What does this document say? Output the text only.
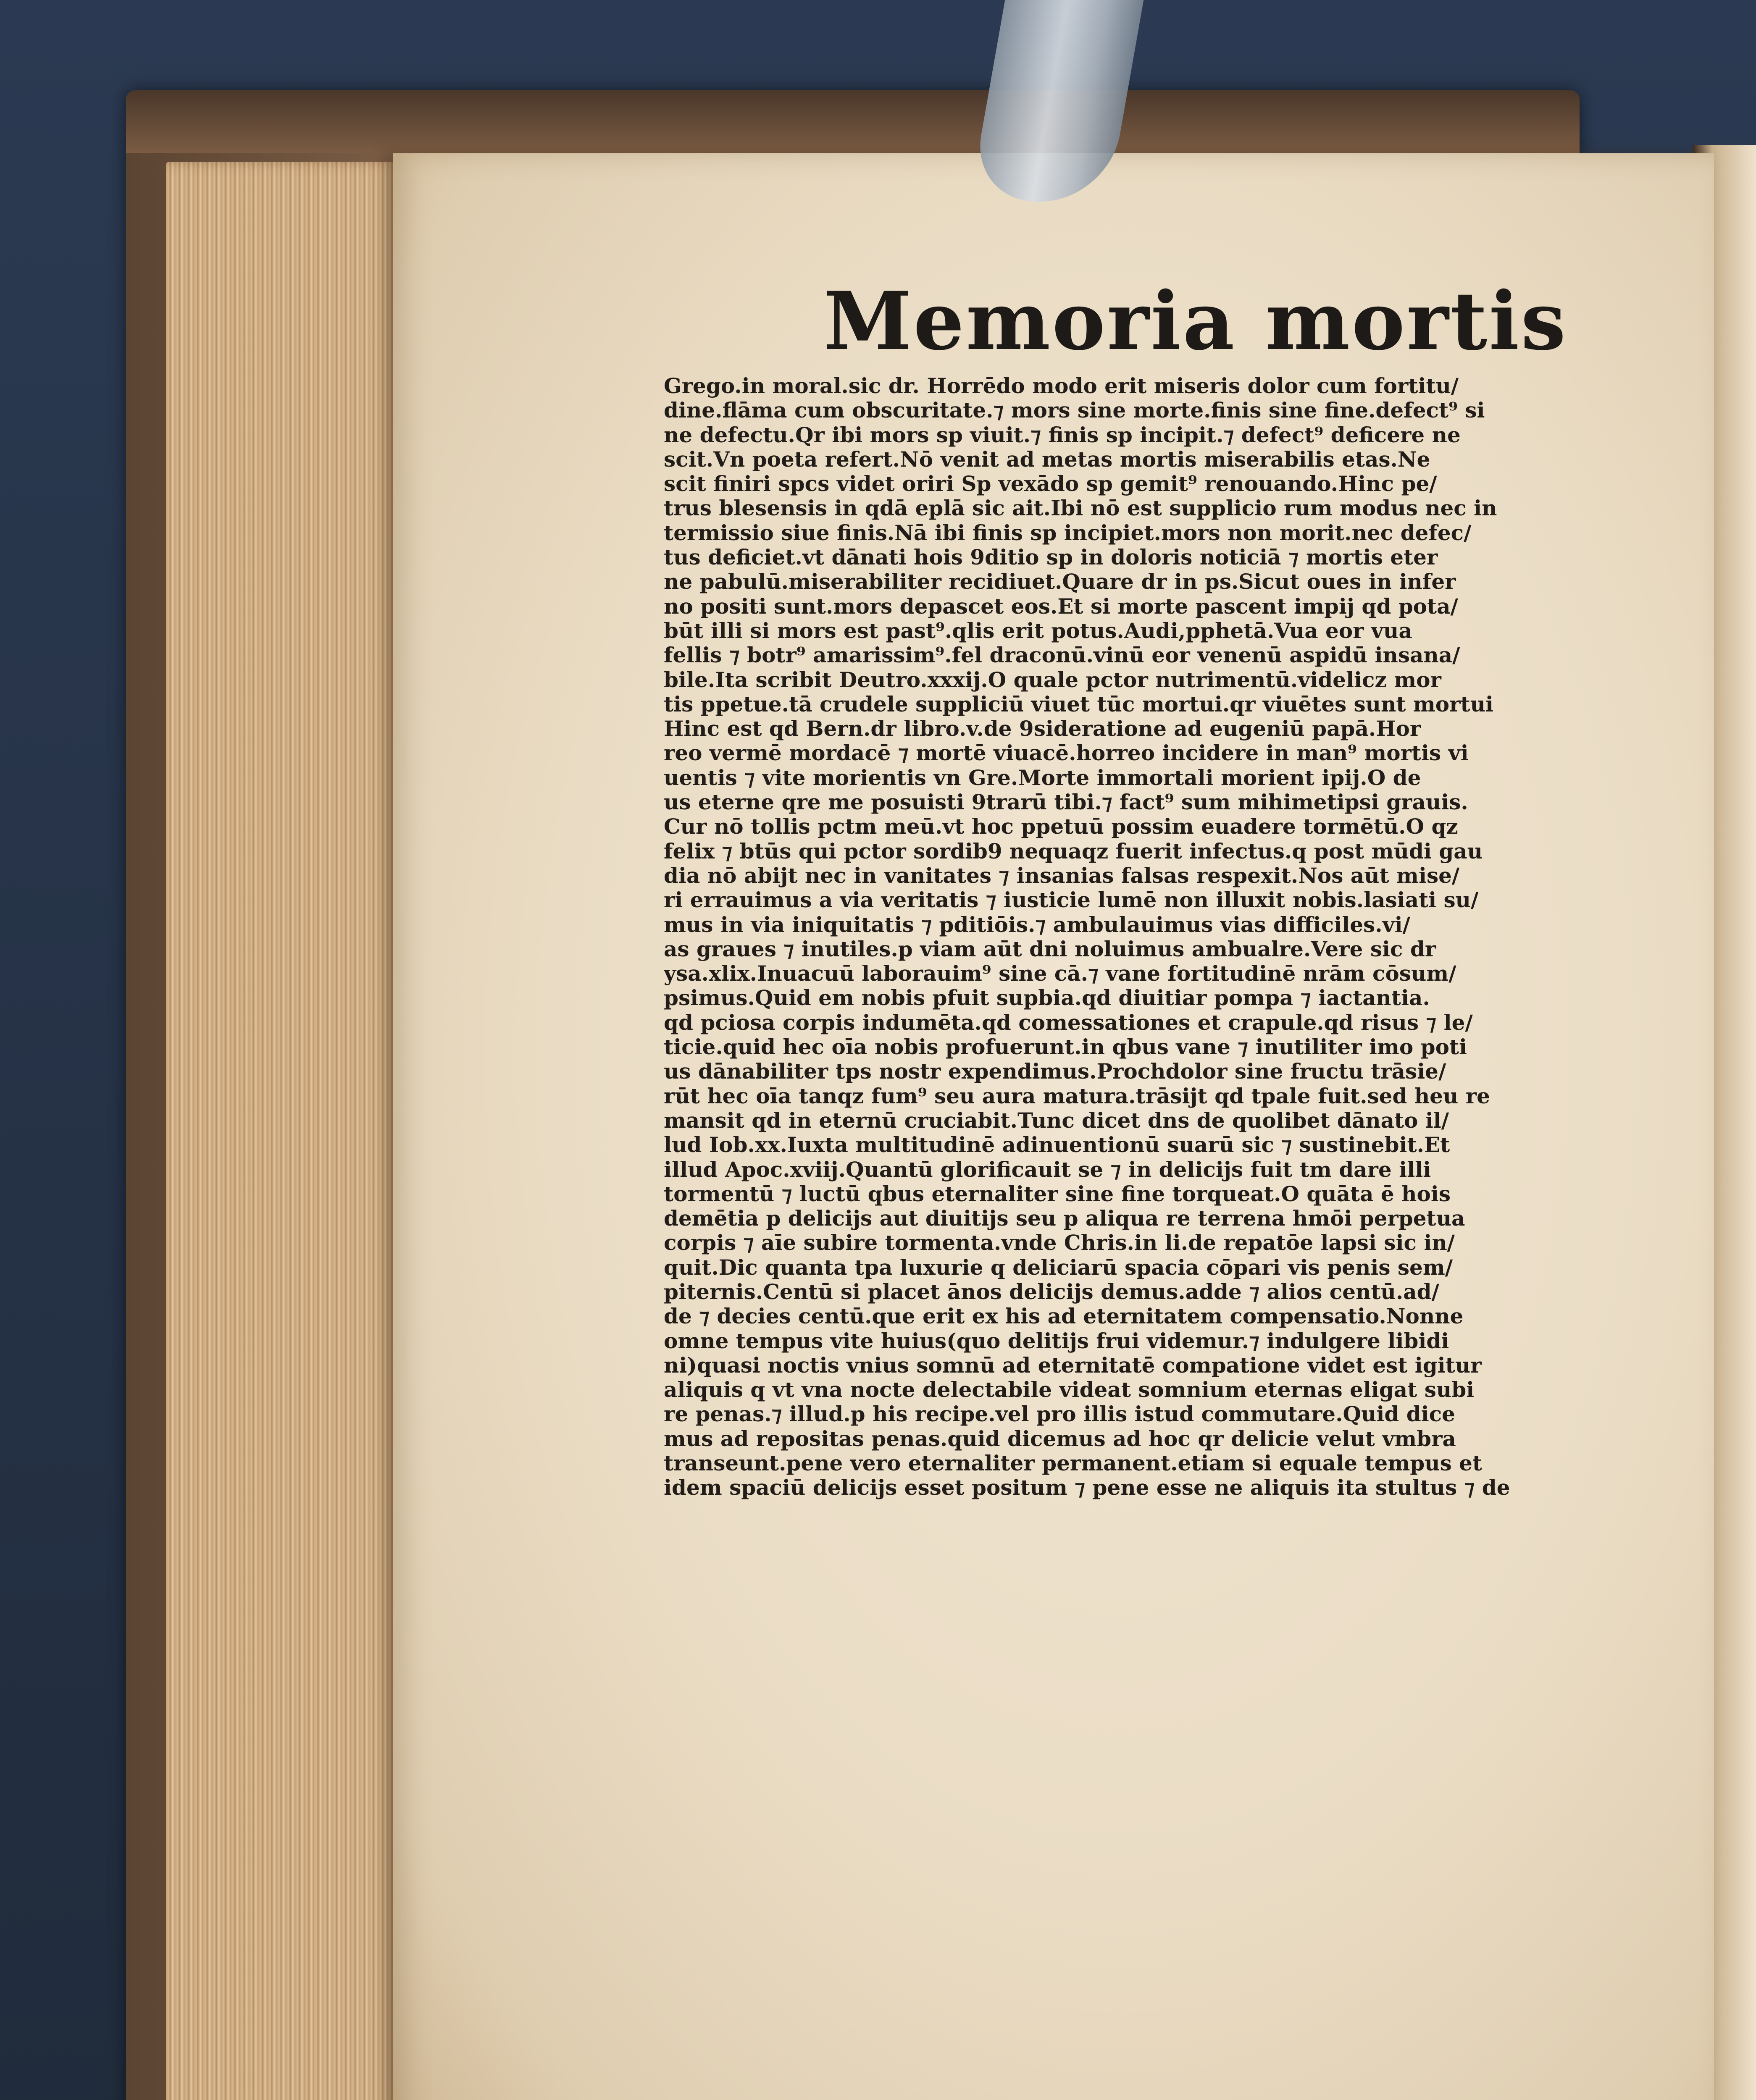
Memoria mortis
Grego.in moral.sic dr. Horrēdo modo erit miseris dolor cum fortitu/
dine.flāma cum obscuritate.⁊ mors sine morte.finis sine fine.defect⁹ si
ne defectu.Qr ibi mors sp viuit.⁊ finis sp incipit.⁊ defect⁹ deficere ne
scit.Vn poeta refert.Nō venit ad metas mortis miserabilis etas.Ne
scit finiri spcs videt oriri Sp vexādo sp gemit⁹ renouando.Hinc pe/
trus blesensis in qdā eplā sic ait.Ibi nō est supplicio rum modus nec in
termissio siue finis.Nā ibi finis sp incipiet.mors non morit.nec defec/
tus deficiet.vt dānati hois 9ditio sp in doloris noticiā ⁊ mortis eter
ne pabulū.miserabiliter recidiuet.Quare dr in ps.Sicut oues in infer
no positi sunt.mors depascet eos.Et si morte pascent impij qd pota/
būt illi si mors est past⁹.qlis erit potus.Audi,pphetā.Vua eor vua
fellis ⁊ botr⁹ amarissim⁹.fel draconū.vinū eor venenū aspidū insana/
bile.Ita scribit Deutro.xxxij.O quale pctor nutrimentū.videlicz mor
tis ppetue.tā crudele suppliciū viuet tūc mortui.qr viuētes sunt mortui
Hinc est qd Bern.dr libro.v.de 9sideratione ad eugeniū papā.Hor
reo vermē mordacē ⁊ mortē viuacē.horreo incidere in man⁹ mortis vi
uentis ⁊ vite morientis vn Gre.Morte immortali morient ipij.O de
us eterne qre me posuisti 9trarū tibi.⁊ fact⁹ sum mihimetipsi grauis.
Cur nō tollis pctm meū.vt hoc ppetuū possim euadere tormētū.O qz
felix ⁊ btūs qui pctor sordib9 nequaqz fuerit infectus.q post mūdi gau
dia nō abijt nec in vanitates ⁊ insanias falsas respexit.Nos aūt mise/
ri errauimus a via veritatis ⁊ iusticie lumē non illuxit nobis.lasiati su/
mus in via iniquitatis ⁊ pditiōis.⁊ ambulauimus vias difficiles.vi/
as graues ⁊ inutiles.p viam aūt dni noluimus ambualre.Vere sic dr
ysa.xlix.Inuacuū laborauim⁹ sine cā.⁊ vane fortitudinē nrām cōsum/
psimus.Quid em nobis pfuit supbia.qd diuitiar pompa ⁊ iactantia.
qd pciosa corpis indumēta.qd comessationes et crapule.qd risus ⁊ le/
ticie.quid hec oīa nobis profuerunt.in qbus vane ⁊ inutiliter imo poti
us dānabiliter tps nostr expendimus.Prochdolor sine fructu trāsie/
rūt hec oīa tanqz fum⁹ seu aura matura.trāsijt qd tpale fuit.sed heu re
mansit qd in eternū cruciabit.Tunc dicet dns de quolibet dānato il/
lud Iob.xx.Iuxta multitudinē adinuentionū suarū sic ⁊ sustinebit.Et
illud Apoc.xviij.Quantū glorificauit se ⁊ in delicijs fuit tm dare illi
tormentū ⁊ luctū qbus eternaliter sine fine torqueat.O quāta ē hois
demētia p delicijs aut diuitijs seu p aliqua re terrena hmōi perpetua
corpis ⁊ aīe subire tormenta.vnde Chris.in li.de repatōe lapsi sic in/
quit.Dic quanta tpa luxurie q deliciarū spacia cōpari vis penis sem/
piternis.Centū si placet ānos delicijs demus.adde ⁊ alios centū.ad/
de ⁊ decies centū.que erit ex his ad eternitatem compensatio.Nonne
omne tempus vite huius(quo delitijs frui videmur.⁊ indulgere libidi
ni)quasi noctis vnius somnū ad eternitatē compatione videt est igitur
aliquis q vt vna nocte delectabile videat somnium eternas eligat subi
re penas.⁊ illud.p his recipe.vel pro illis istud commutare.Quid dice
mus ad repositas penas.quid dicemus ad hoc qr delicie velut vmbra
transeunt.pene vero eternaliter permanent.etiam si equale tempus et
idem spaciū delicijs esset positum ⁊ pene esse ne aliquis ita stultus ⁊ de
